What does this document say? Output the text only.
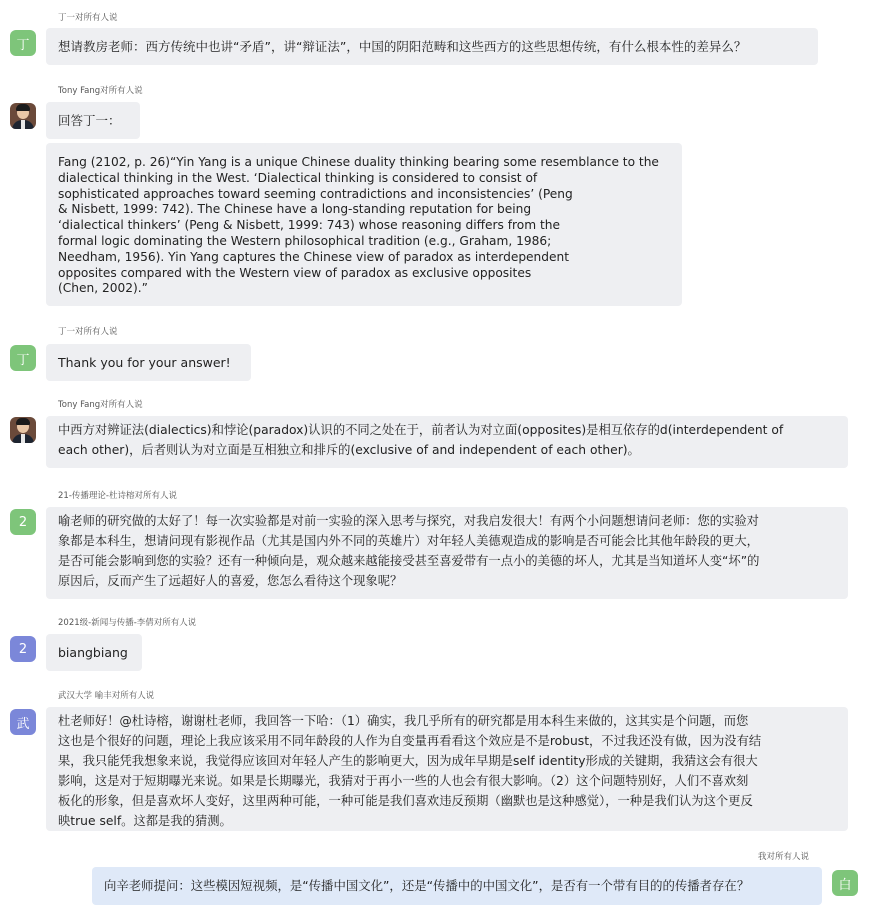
丁一对所有人说
丁 想请教房老师：西方传统中也讲“矛盾”，讲“辩证法”，中国的阴阳范畴和这些西方的这些思想传统，有什么根本性的差异么？
Tony Fang对所有人说
回答丁一：
Fang (2102, p. 26)“Yin Yang is a unique Chinese duality thinking bearing some resemblance to the
dialectical thinking in the West. ‘Dialectical thinking is considered to consist of
sophisticated approaches toward seeming contradictions and inconsistencies’ (Peng
& Nisbett, 1999: 742). The Chinese have a long-standing reputation for being
‘dialectical thinkers’ (Peng & Nisbett, 1999: 743) whose reasoning differs from the
formal logic dominating the Western philosophical tradition (e.g., Graham, 1986;
Needham, 1956). Yin Yang captures the Chinese view of paradox as interdependent
opposites compared with the Western view of paradox as exclusive opposites
(Chen, 2002).”
丁一对所有人说
丁 Thank you for your answer!
Tony Fang对所有人说
中西方对辨证法(dialectics)和悖论(paradox)认识的不同之处在于，前者认为对立面(opposites)是相互依存的d(interdependent of
each other)，后者则认为对立面是互相独立和排斥的(exclusive of and independent of each other)。
21-传播理论-杜诗榕对所有人说
2	喻老师的研究做的太好了！每一次实验都是对前一实验的深入思考与探究，对我启发很大！有两个小问题想请问老师：您的实验对
象都是本科生，想请问现有影视作品（尤其是国内外不同的英雄片）对年轻人美德观造成的影响是否可能会比其他年龄段的更大，
是否可能会影响到您的实验？还有一种倾向是，观众越来越能接受甚至喜爱带有一点小的美德的坏人，尤其是当知道坏人变“坏”的
原因后，反而产生了远超好人的喜爱，您怎么看待这个现象呢？
2021级-新闻与传播-李倩对所有人说
2 biangbiang
武汉大学 喻丰对所有人说
武 杜老师好！@杜诗榕，谢谢杜老师，我回答一下哈：（1）确实，我几乎所有的研究都是用本科生来做的，这其实是个问题，而您
这也是个很好的问题，理论上我应该采用不同年龄段的人作为自变量再看看这个效应是不是robust，不过我还没有做，因为没有结
果，我只能凭我想象来说，我觉得应该回对年轻人产生的影响更大，因为成年早期是self identity形成的关键期，我猜这会有很大
影响，这是对于短期曝光来说。如果是长期曝光，我猜对于再小一些的人也会有很大影响。（2）这个问题特别好，人们不喜欢刻
板化的形象，但是喜欢坏人变好，这里两种可能，一种可能是我们喜欢违反预期（幽默也是这种感觉），一种是我们认为这个更反
映true self。这都是我的猜测。
我对所有人说
白
向辛老师提问：这些模因短视频，是“传播中国文化”，还是“传播中的中国文化”，是否有一个带有目的的传播者存在？
